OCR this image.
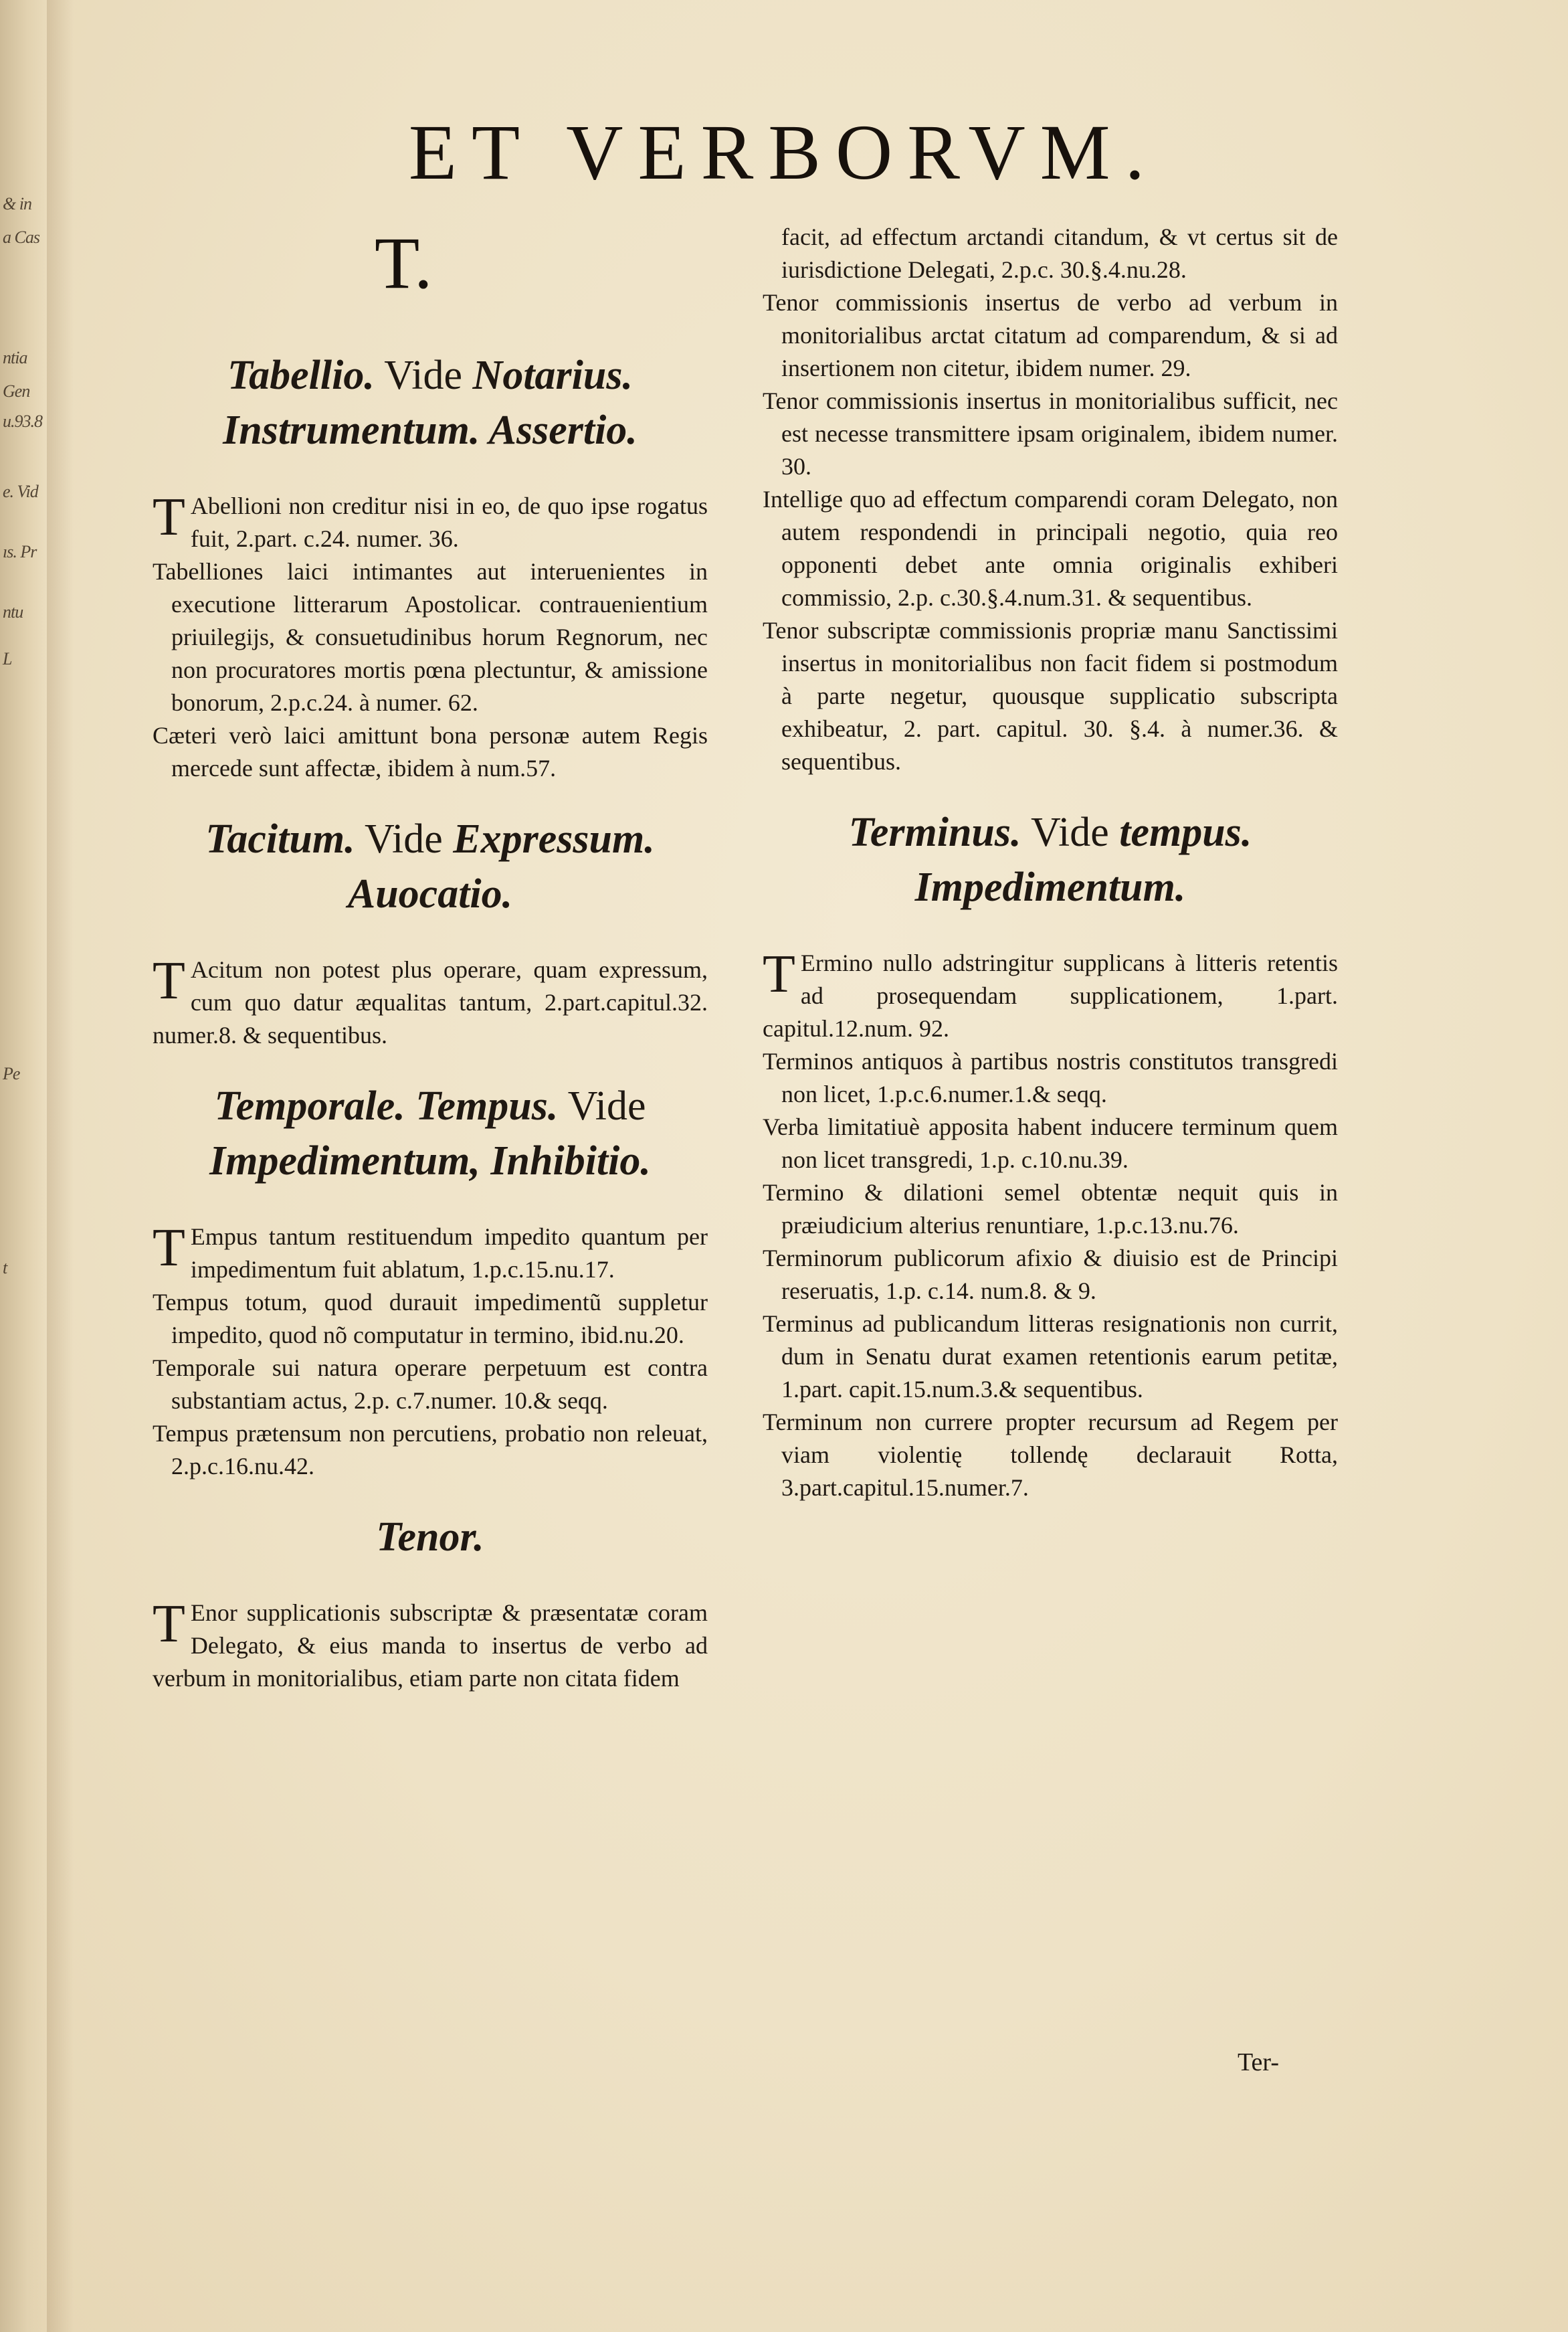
& in
a Cas
ntia
Gen
u.93.8
e. Vid
ıs. Pr
ntu
L
t
Pe
ET VERBORVM.
T.
Tabellio. Vide Notarius. Instrumentum. Assertio.

TAbellioni non creditur nisi in eo, de quo ipse rogatus fuit, 2.part. c.24. numer. 36.

Tabelliones laici intimantes aut interuenientes in executione litterarum Apostolicar. contrauenientium priuilegijs, & consuetudinibus horum Regnorum, nec non procuratores mortis pœna plectuntur, & amissione bonorum, 2.p.c.24. à numer. 62.

Cæteri verò laici amittunt bona personæ autem Regis mercede sunt affectæ, ibidem à num.57.

Tacitum. Vide Expressum. Auocatio.

TAcitum non potest plus operare, quam expressum, cum quo datur æqualitas tantum, 2.part.capitul.32. numer.8. & sequentibus.

Temporale. Tempus. Vide Impedimentum, Inhibitio.

TEmpus tantum restituendum impedito quantum per impedimentum fuit ablatum, 1.p.c.15.nu.17.

Tempus totum, quod durauit impedimentũ suppletur impedito, quod nõ computatur in termino, ibid.nu.20.

Temporale sui natura operare perpetuum est contra substantiam actus, 2.p. c.7.numer. 10.& seqq.

Tempus prætensum non percutiens, probatio non releuat, 2.p.c.16.nu.42.

Tenor.

TEnor supplicationis subscriptæ & præsentatæ coram Delegato, & eius manda to insertus de verbo ad verbum in monitorialibus, etiam parte non citata fidem

facit, ad effectum arctandi citandum, & vt certus sit de iurisdictione Delegati, 2.p.c. 30.§.4.nu.28.

Tenor commissionis insertus de verbo ad verbum in monitorialibus arctat citatum ad comparendum, & si ad insertionem non citetur, ibidem numer. 29.

Tenor commissionis insertus in monitorialibus sufficit, nec est necesse transmittere ipsam originalem, ibidem numer. 30.

Intellige quo ad effectum comparendi coram Delegato, non autem respondendi in principali negotio, quia reo opponenti debet ante omnia originalis exhiberi commissio, 2.p. c.30.§.4.num.31. & sequentibus.

Tenor subscriptæ commissionis propriæ manu Sanctissimi insertus in monitorialibus non facit fidem si postmodum à parte negetur, quousque supplicatio subscripta exhibeatur, 2. part. capitul. 30. §.4. à numer.36. & sequentibus.

Terminus. Vide tempus. Impedimentum.

TErmino nullo adstringitur supplicans à litteris retentis ad prosequendam supplicationem, 1.part. capitul.12.num. 92.

Terminos antiquos à partibus nostris constitutos transgredi non licet, 1.p.c.6.numer.1.& seqq.

Verba limitatiuè apposita habent inducere terminum quem non licet transgredi, 1.p. c.10.nu.39.

Termino & dilationi semel obtentæ nequit quis in præiudicium alterius renuntiare, 1.p.c.13.nu.76.

Terminorum publicorum afixio & diuisio est de Principi reseruatis, 1.p. c.14. num.8. & 9.

Terminus ad publicandum litteras resignationis non currit, dum in Senatu durat examen retentionis earum petitæ, 1.part. capit.15.num.3.& sequentibus.

Terminum non currere propter recursum ad Regem per viam violentię tollendę declarauit Rotta, 3.part.capitul.15.numer.7.

Ter-
